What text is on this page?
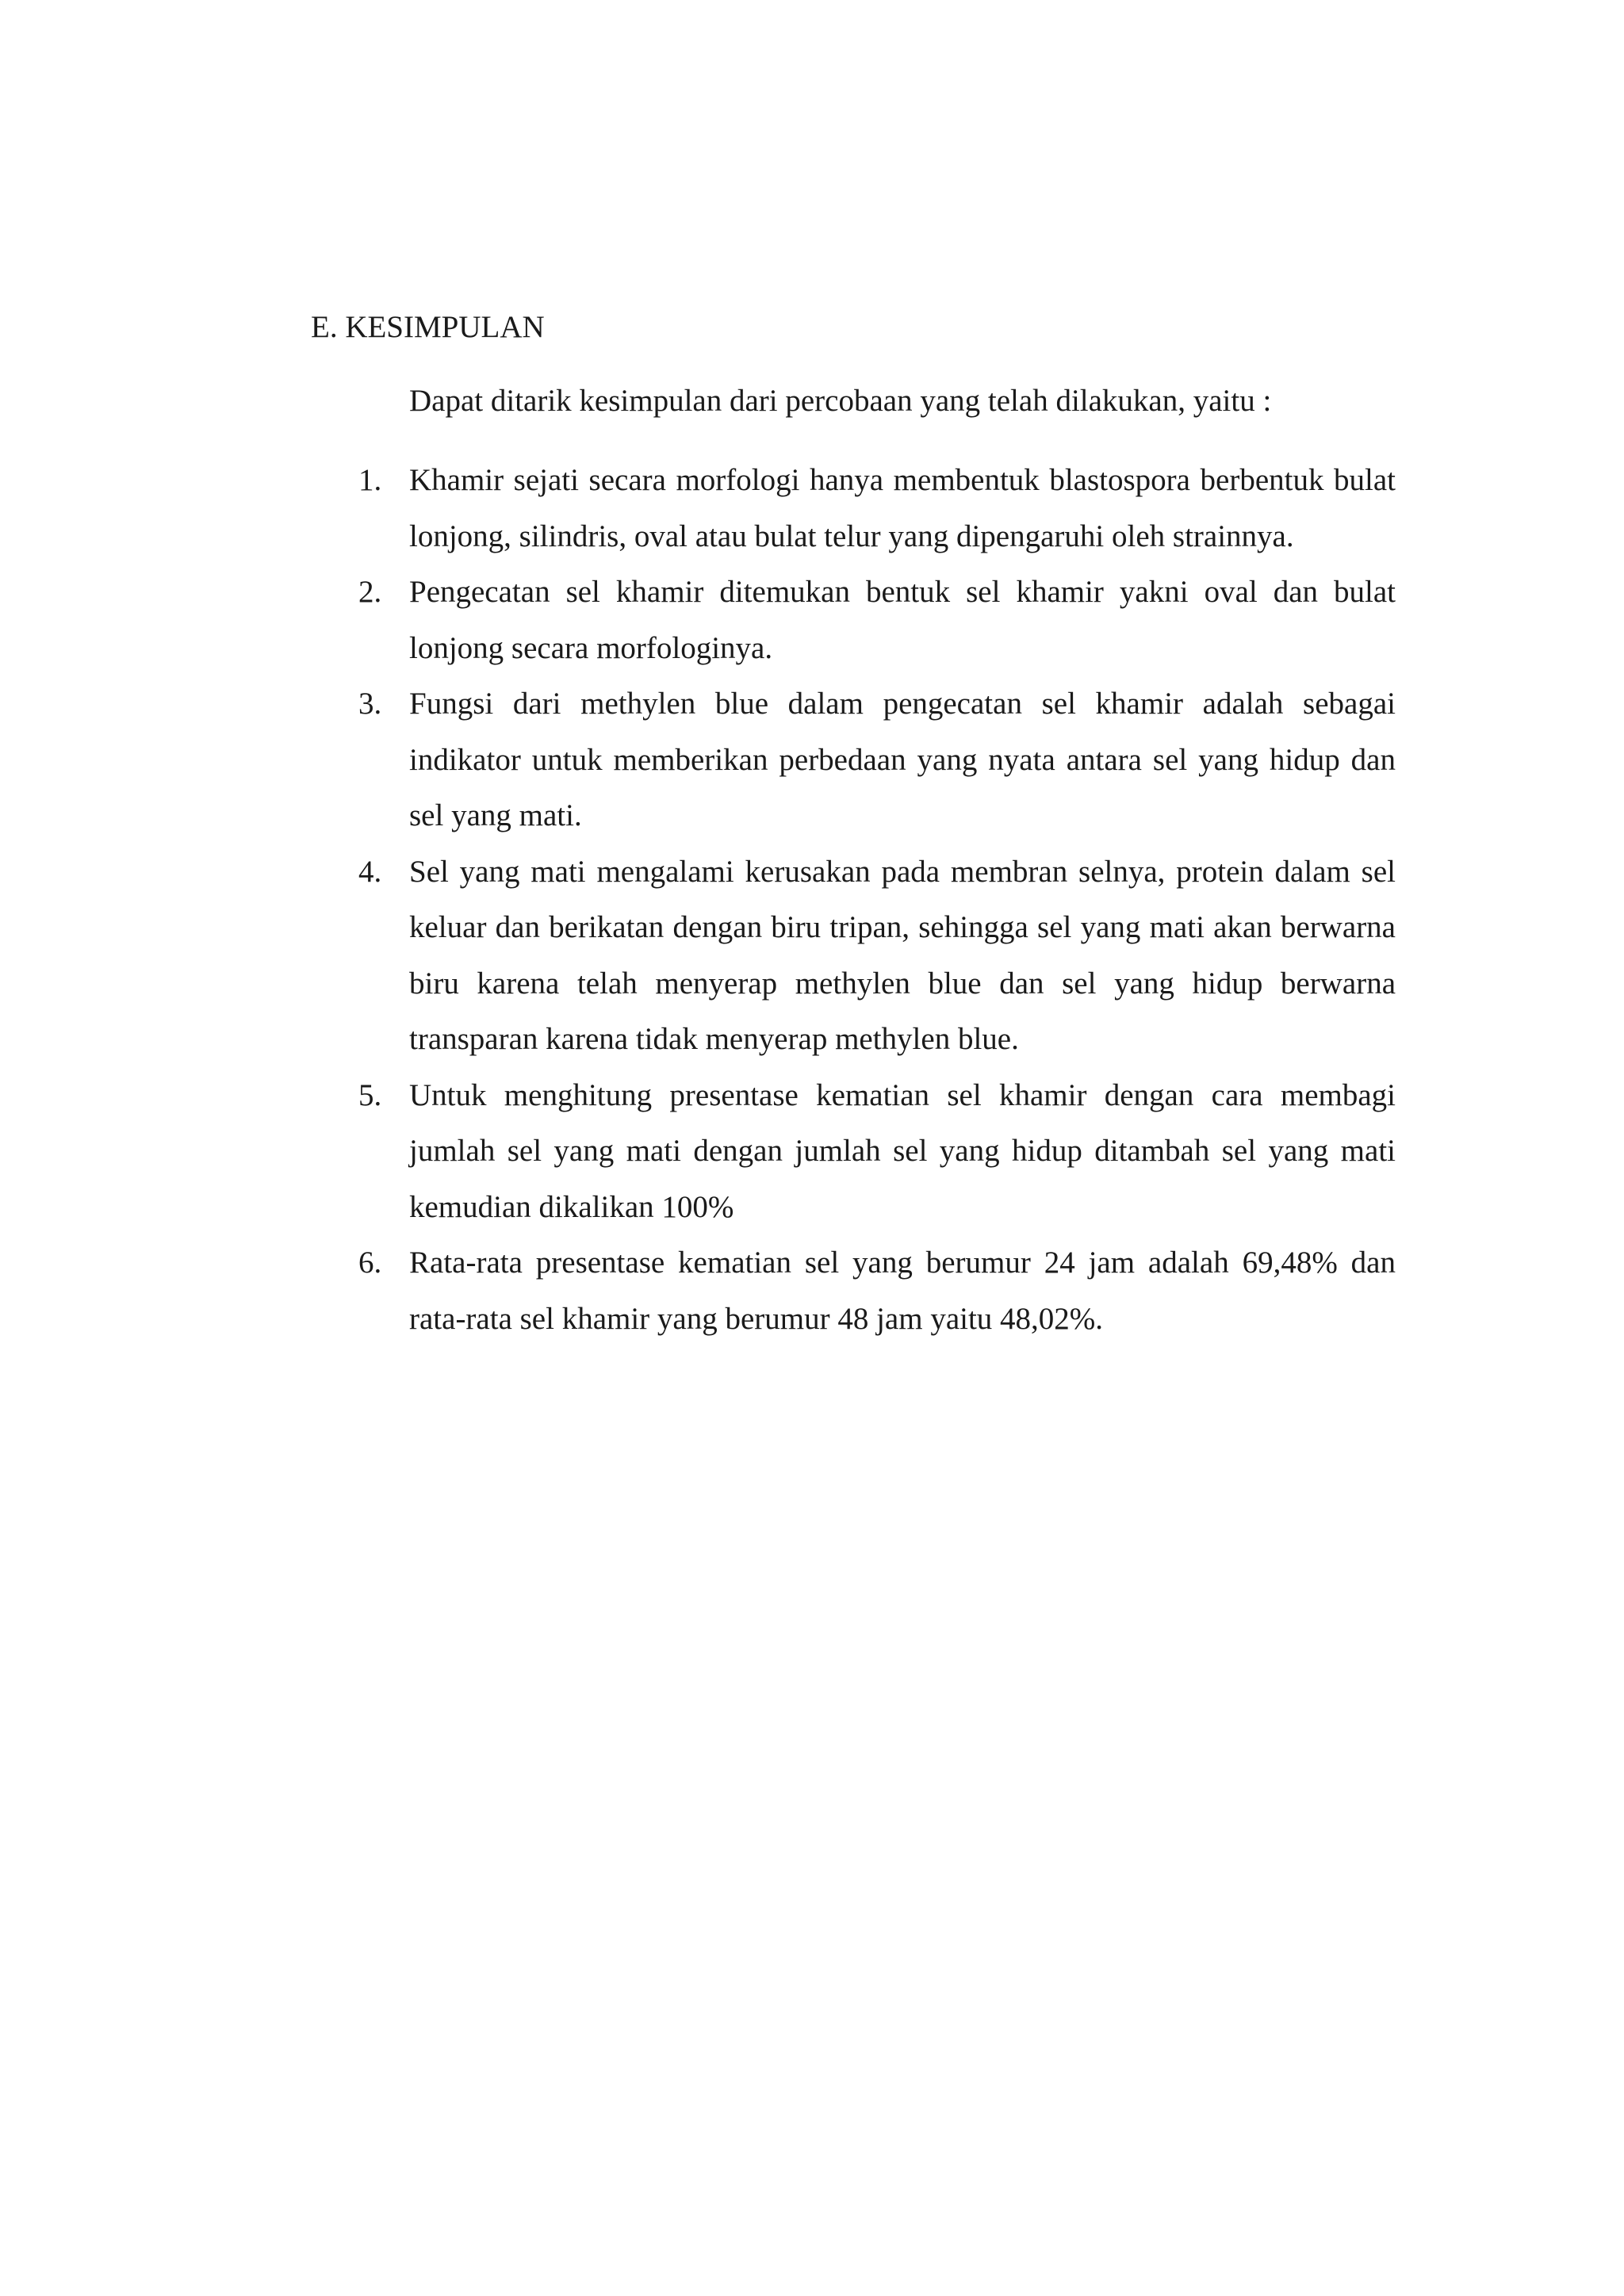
E. KESIMPULAN
Dapat ditarik kesimpulan dari percobaan yang telah dilakukan, yaitu :
1. Khamir sejati secara morfologi hanya membentuk blastospora berbentuk bulat lonjong, silindris, oval atau bulat telur yang dipengaruhi oleh strainnya.
2. Pengecatan sel khamir ditemukan bentuk sel khamir yakni oval dan bulat lonjong secara morfologinya.
3. Fungsi dari methylen blue dalam pengecatan sel khamir adalah sebagai indikator untuk memberikan perbedaan yang nyata antara sel yang hidup dan sel yang mati.
4. Sel yang mati mengalami kerusakan pada membran selnya, protein dalam sel keluar dan berikatan dengan biru tripan, sehingga sel yang mati akan berwarna biru karena telah menyerap methylen blue dan sel yang hidup berwarna transparan karena tidak menyerap methylen blue.
5. Untuk menghitung presentase kematian sel khamir dengan cara membagi jumlah sel yang mati dengan jumlah sel yang hidup ditambah sel yang mati kemudian dikalikan 100%
6. Rata-rata presentase kematian sel yang berumur 24 jam adalah 69,48% dan rata-rata sel khamir yang berumur 48 jam yaitu 48,02%.
